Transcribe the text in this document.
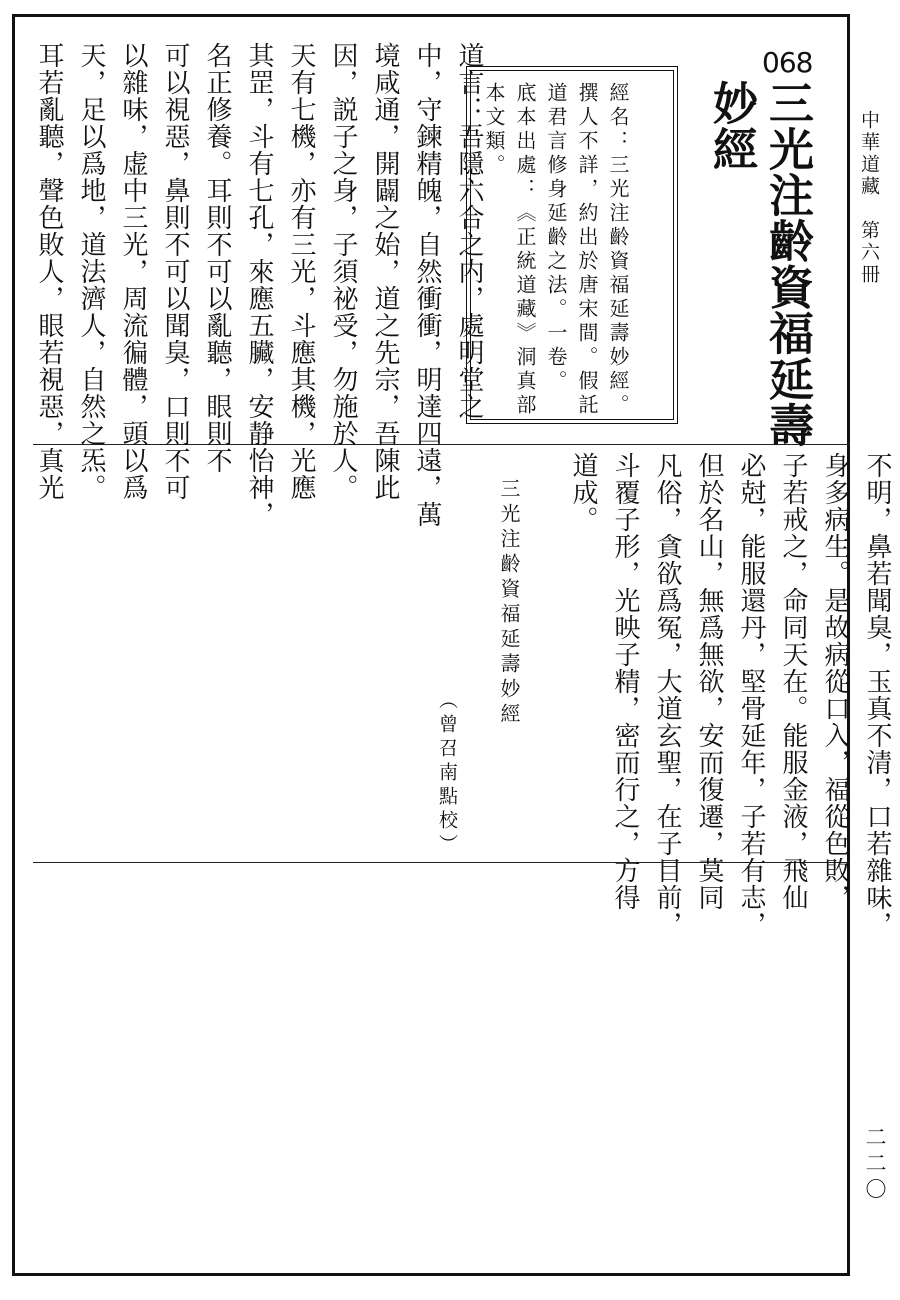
中華道藏　第六冊
二二〇
068
三光注齡資福延壽
妙經
經名：三光注齡資福延壽妙經。
撰人不詳，約出於唐宋間。假託
道君言修身延齡之法。一卷。
底本出處：《正統道藏》洞真部
本文類。
道言：吾隱六合之内，處明堂之
中，守鍊精魄，自然衝衝，明達四遠，萬
境咸通，開闢之始，道之先宗，吾陳此
因，説子之身，子須祕受，勿施於人。
天有七機，亦有三光，斗應其機，光應
其罡，斗有七孔，來應五臟，安静怡神，
名正修養。耳則不可以亂聽，眼則不
可以視惡，鼻則不可以聞臭，口則不可
以雜味，虚中三光，周流徧體，頭以爲
天，足以爲地，道法濟人，自然之炁。
耳若亂聽，聲色敗人，眼若視惡，真光
不明，鼻若聞臭，玉真不清，口若雜味，
身多病生。是故病從口入，福從色敗，
子若戒之，命同天在。能服金液，飛仙
必尅，能服還丹，堅骨延年，子若有志，
但於名山，無爲無欲，安而復遷，莫同
凡俗，貪欲爲冤，大道玄聖，在子目前，
斗覆子形，光映子精，密而行之，方得
道成。
三光注齡資福延壽妙經
（曾召南點校）
